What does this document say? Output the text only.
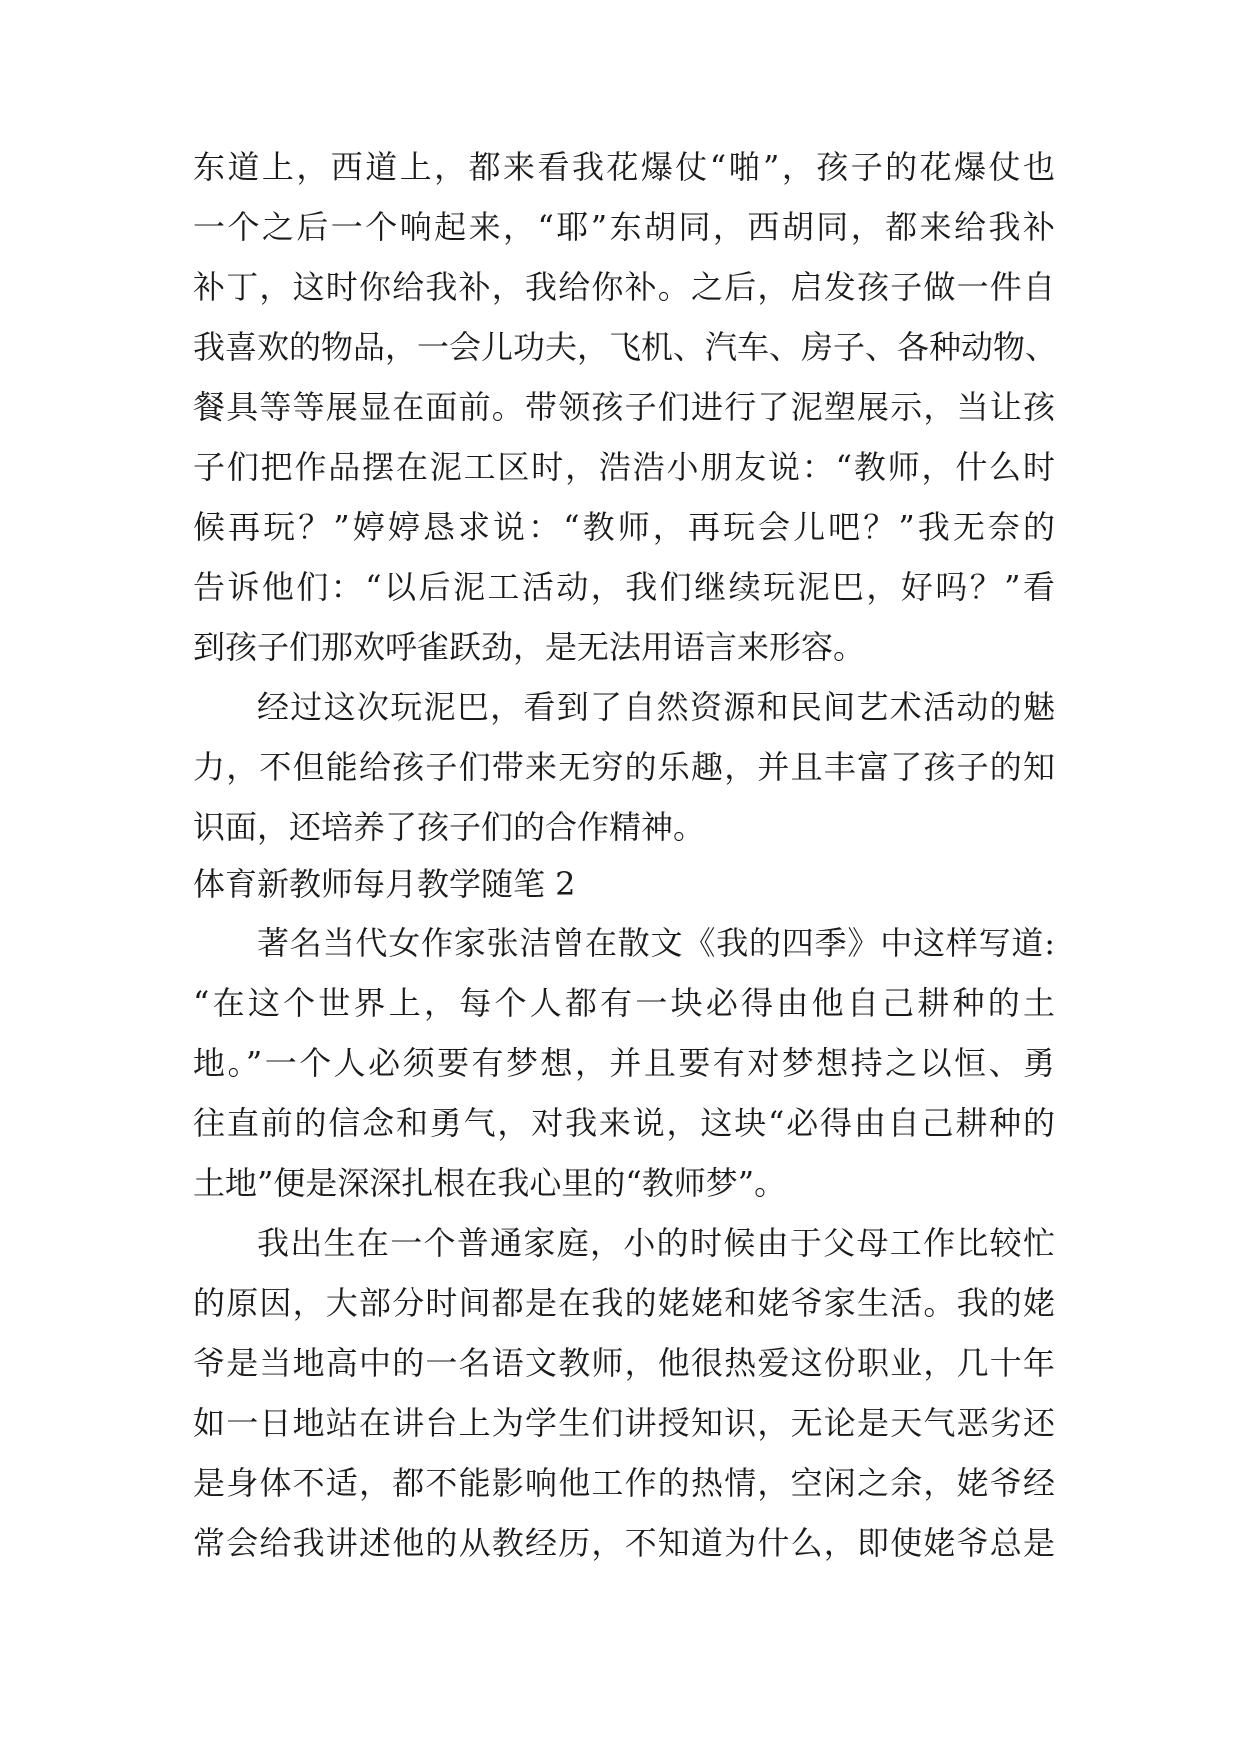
东道上，西道上，都来看我花爆仗“啪”，孩子的花爆仗也
一个之后一个响起来，“耶”东胡同，西胡同，都来给我补
补丁，这时你给我补，我给你补。之后，启发孩子做一件自
我喜欢的物品，一会儿功夫，飞机、汽车、房子、各种动物、
餐具等等展显在面前。带领孩子们进行了泥塑展示，当让孩
子们把作品摆在泥工区时，浩浩小朋友说：“教师，什么时
候再玩？”婷婷恳求说：“教师，再玩会儿吧？”我无奈的
告诉他们：“以后泥工活动，我们继续玩泥巴，好吗？”看
到孩子们那欢呼雀跃劲，是无法用语言来形容。
经过这次玩泥巴，看到了自然资源和民间艺术活动的魅
力，不但能给孩子们带来无穷的乐趣，并且丰富了孩子的知
识面，还培养了孩子们的合作精神。
体育新教师每月教学随笔 2
著名当代女作家张洁曾在散文《我的四季》中这样写道:
“在这个世界上，每个人都有一块必得由他自己耕种的土
地。”一个人必须要有梦想，并且要有对梦想持之以恒、勇
往直前的信念和勇气，对我来说，这块“必得由自己耕种的
土地”便是深深扎根在我心里的“教师梦”。
我出生在一个普通家庭，小的时候由于父母工作比较忙
的原因，大部分时间都是在我的姥姥和姥爷家生活。我的姥
爷是当地高中的一名语文教师，他很热爱这份职业，几十年
如一日地站在讲台上为学生们讲授知识，无论是天气恶劣还
是身体不适，都不能影响他工作的热情，空闲之余，姥爷经
常会给我讲述他的从教经历，不知道为什么，即使姥爷总是
